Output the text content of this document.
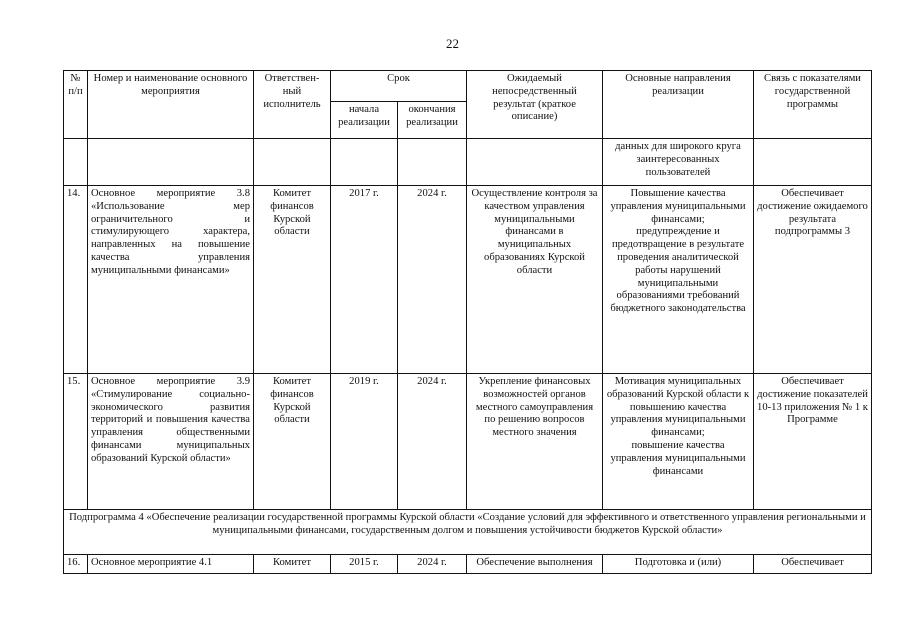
22
№ п/п	Номер и наименование основного мероприятия	Ответствен-ный исполнитель	Срок		Ожидаемый непосредственный результат (краткое описание)	Основные направления реализации	Связь с показателями государственной программы
			начала реализации	окончания реализации			
						данных для широкого круга заинтересованных пользователей	
14.	Основное мероприятие 3.8 «Использование мер ограничительного и стимулирующего характера, направленных на повышение качества управления муниципальными финансами»	Комитет финансов Курской области	2017 г.	2024 г.	Осуществление контроля за качеством управления муниципальными финансами в муниципальных образованиях Курской области	Повышение качества управления муниципальными финансами;
предупреждение и предотвращение в результате проведения аналитической работы нарушений муниципальными образованиями требований бюджетного законодательства	Обеспечивает достижение ожидаемого результата подпрограммы 3
15.	Основное мероприятие 3.9 «Стимулирование социально-экономического развития территорий и повышения качества управления общественными финансами муниципальных образований Курской области»	Комитет финансов Курской области	2019 г.	2024 г.	Укрепление финансовых возможностей органов местного самоуправления по решению вопросов местного значения	Мотивация муниципальных образований Курской области к повышению качества управления муниципальными финансами;
повышение качества управления муниципальными финансами	Обеспечивает достижение показателей 10-13 приложения № 1 к Программе
Подпрограмма 4 «Обеспечение реализации государственной программы Курской области «Создание условий для эффективного и ответственного управления региональными и муниципальными финансами, государственным долгом и повышения устойчивости бюджетов Курской области»							
16.	Основное мероприятие 4.1	Комитет	2015 г.	2024 г.	Обеспечение выполнения	Подготовка и (или)	Обеспечивает
